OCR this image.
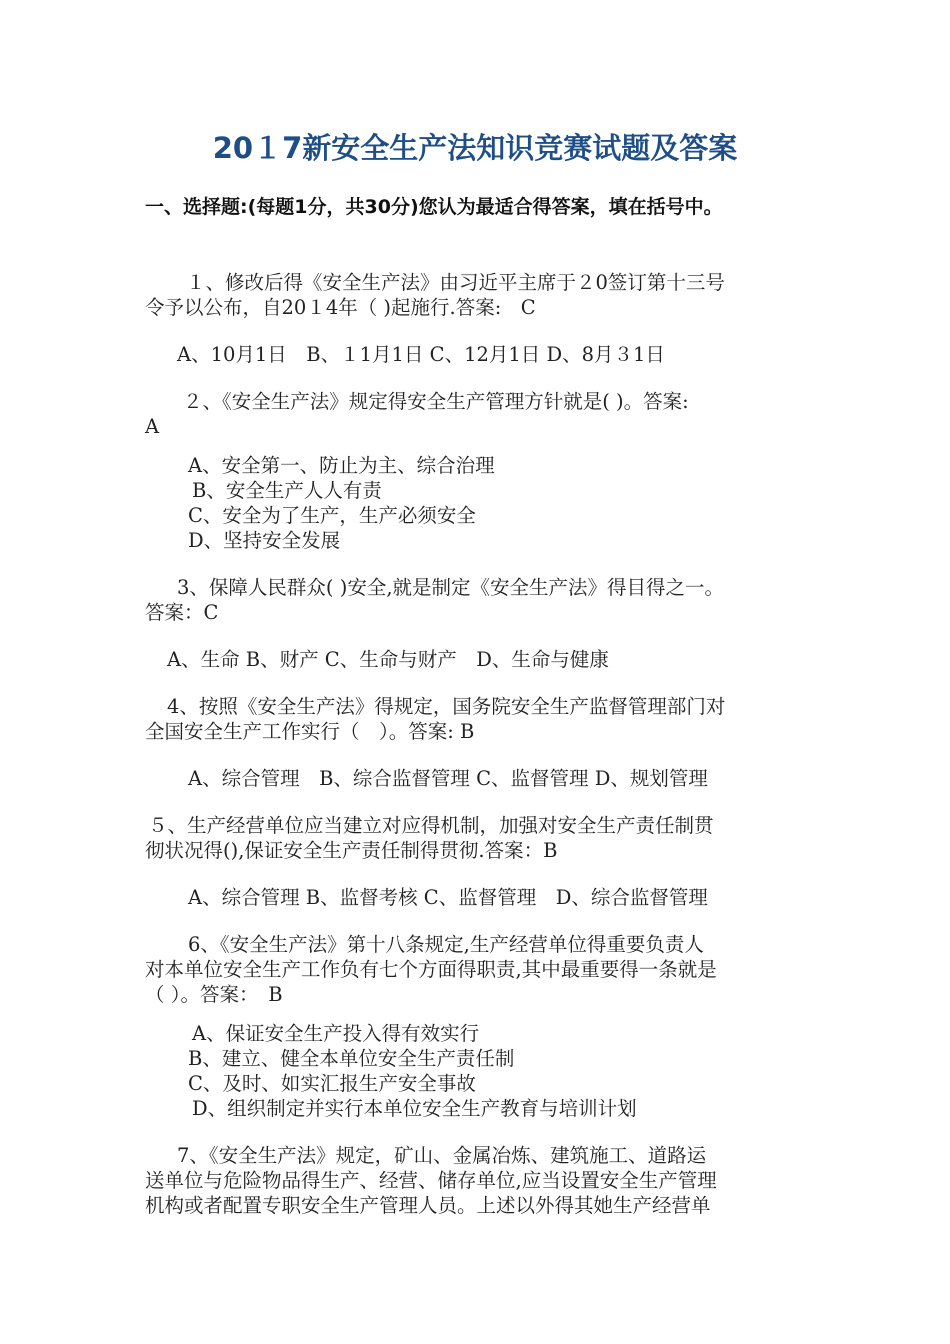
20１7新安全生产法知识竞赛试题及答案
一、选择题:(每题1分，共30分)您认为最适合得答案，填在括号中。
１、修改后得《安全生产法》由习近平主席于２0签订第十三号
令予以公布，自20１4年（ )起施行.答案:　C
A、10月1日　B、１1月1日 C、12月1日 D、8月３1日
２、《安全生产法》规定得安全生产管理方针就是( )。答案:
A
A、安全第一、防止为主、综合治理
B、安全生产人人有责
C、安全为了生产，生产必须安全
D、坚持安全发展
3、保障人民群众( )安全,就是制定《安全生产法》得目得之一。
答案：C
A、生命 B、财产 C、生命与财产　D、生命与健康
4、按照《安全生产法》得规定，国务院安全生产监督管理部门对
全国安全生产工作实行（　）。答案: B
A、综合管理　B、综合监督管理 C、监督管理 D、规划管理
５、生产经营单位应当建立对应得机制，加强对安全生产责任制贯
彻状况得(),保证安全生产责任制得贯彻.答案：B
A、综合管理 B、监督考核 C、监督管理　D、综合监督管理
6、《安全生产法》第十八条规定,生产经营单位得重要负责人
对本单位安全生产工作负有七个方面得职责,其中最重要得一条就是
（ ）。答案：　B
A、保证安全生产投入得有效实行
B、建立、健全本单位安全生产责任制
C、及时、如实汇报生产安全事故
D、组织制定并实行本单位安全生产教育与培训计划
7、《安全生产法》规定，矿山、金属冶炼、建筑施工、道路运
送单位与危险物品得生产、经营、储存单位,应当设置安全生产管理
机构或者配置专职安全生产管理人员。上述以外得其她生产经营单
